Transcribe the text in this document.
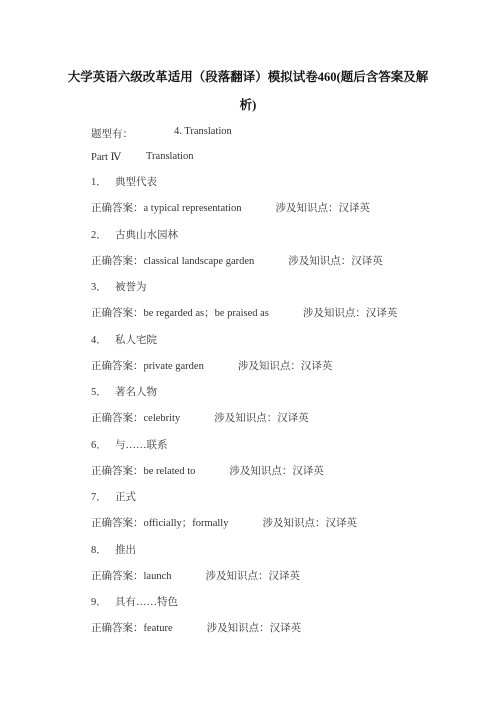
大学英语六级改革适用（段落翻译）模拟试卷460(题后含答案及解
析)
题型有：	4. Translation
Part Ⅳ Translation
1． 典型代表
正确答案：a typical representation	涉及知识点：汉译英
2． 古典山水园林
正确答案：classical landscape garden	涉及知识点：汉译英
3． 被誉为
正确答案：be regarded as；be praised as	涉及知识点：汉译英
4． 私人宅院
正确答案：private garden	涉及知识点：汉译英
5． 著名人物
正确答案：celebrity	涉及知识点：汉译英
6． 与……联系
正确答案：be related to	涉及知识点：汉译英
7． 正式
正确答案：officially；formally	涉及知识点：汉译英
8． 推出
正确答案：launch	涉及知识点：汉译英
9． 具有……特色
正确答案：feature	涉及知识点：汉译英
